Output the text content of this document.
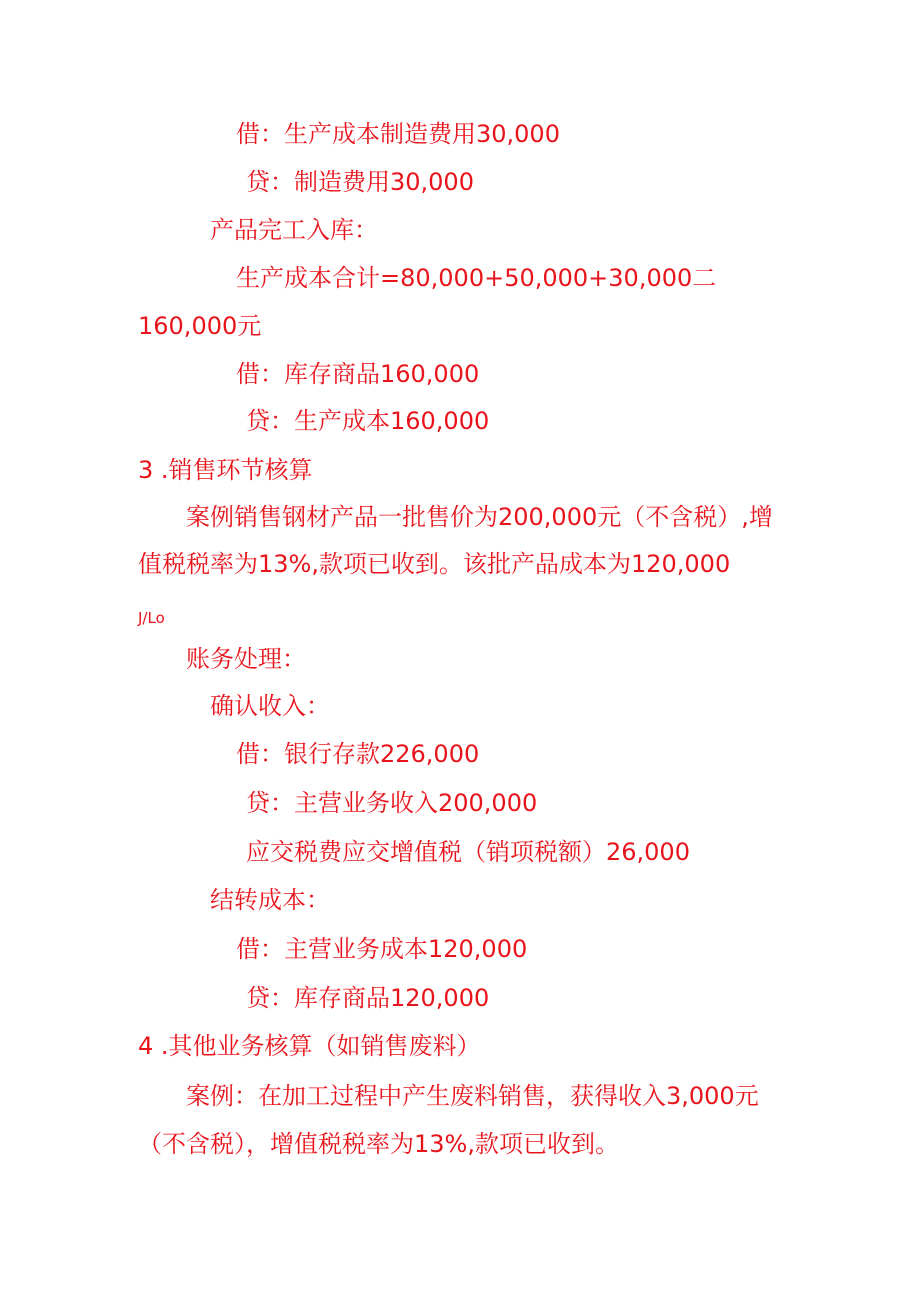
借：生产成本制造费用30,000
贷：制造费用30,000
产品完工入库：
生产成本合计=80,000+50,000+30,000二
160,000元
借：库存商品160,000
贷：生产成本160,000
3 .销售环节核算
案例销售钢材产品一批售价为200,000元（不含税）,增
值税税率为13%,款项已收到。该批产品成本为120,000
J/Lo
账务处理：
确认收入：
借：银行存款226,000
贷：主营业务收入200,000
应交税费应交增值税（销项税额）26,000
结转成本：
借：主营业务成本120,000
贷：库存商品120,000
4 .其他业务核算（如销售废料）
案例：在加工过程中产生废料销售，获得收入3,000元
（不含税），增值税税率为13%,款项已收到。
